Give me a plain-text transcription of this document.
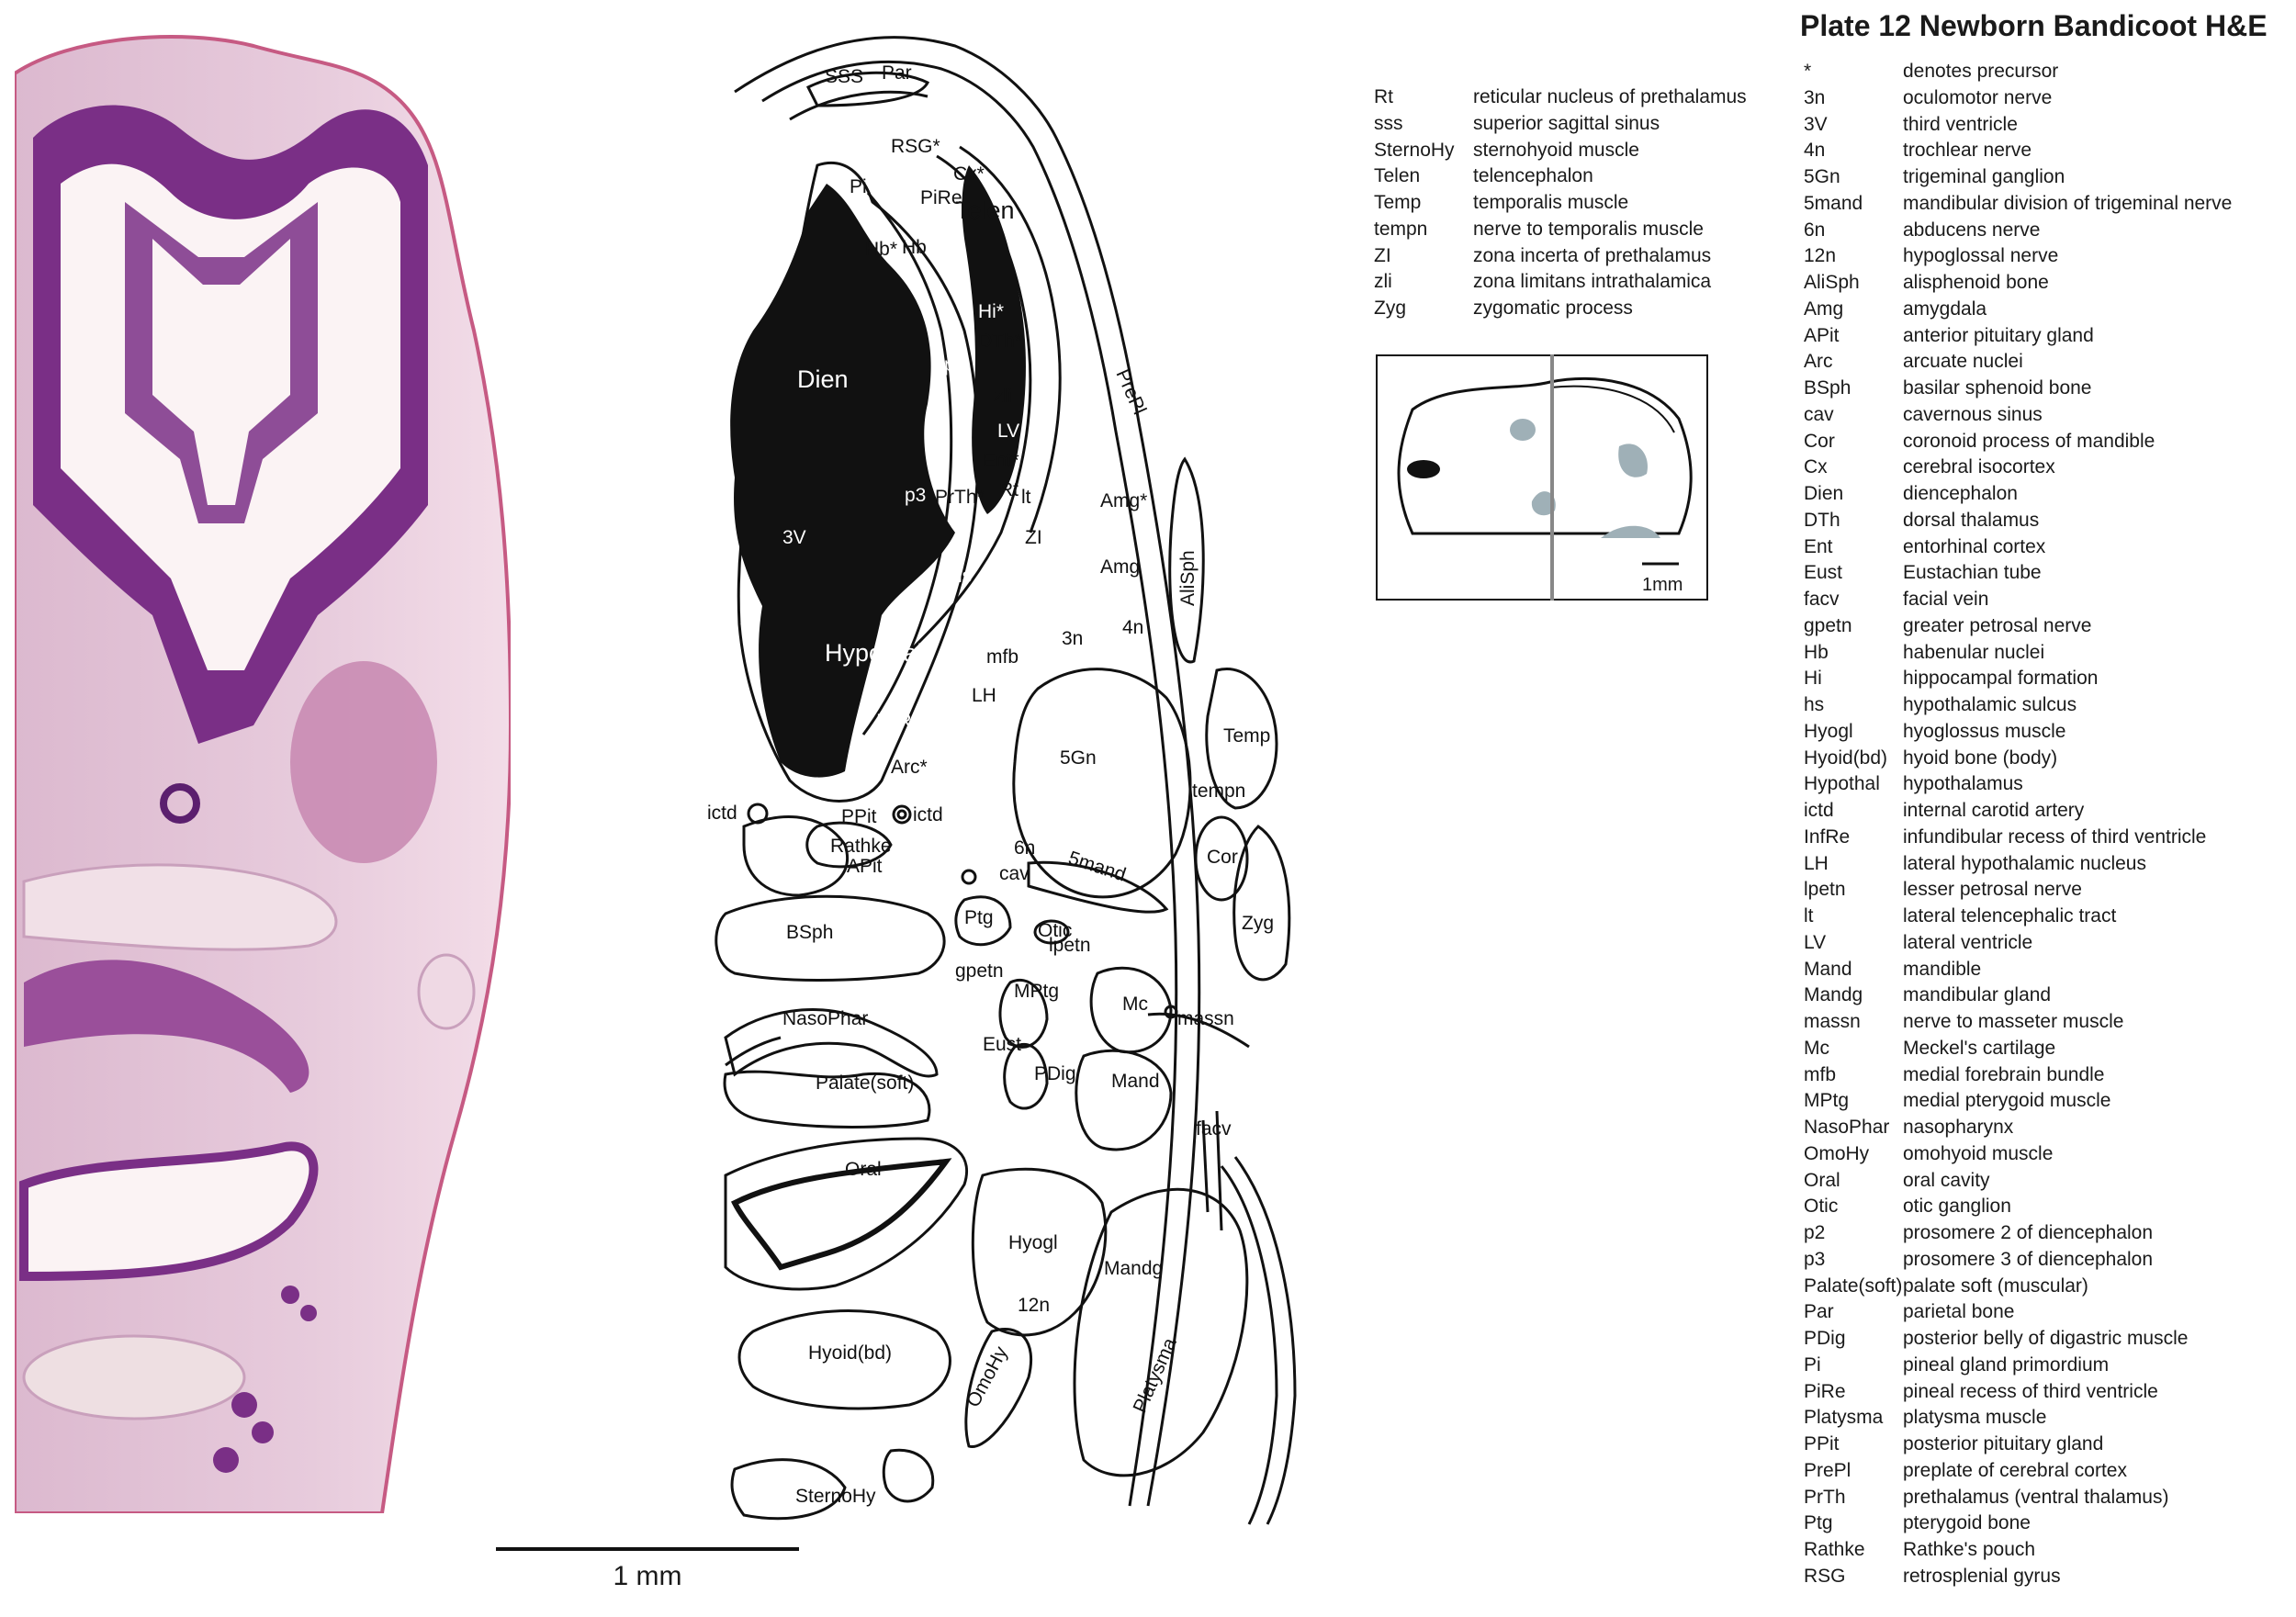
1 mm
SSS Par
RSG*
Cx*
Telen
Pi
PiRe
Hb* Hb
Dien
p2
DTh*
Hi*
PrePl
zli
Ent*
LV
p3 PrTh* Rt lt	Amg*
3V	ZI
Amg
hs	AliSph
Hypothal
3n
4n
mfb
LH
InfRe
5Gn
Temp
Arc*
ictd	ictd
PPit
Rathke
APit
tempn
6n
cav 5mand	Cor
BSph
Ptg
Otic
lpetn
Zyg
gpetn
NasoPhar
MPtg
Mc
massn
Eust
PDig Mand
Palate(soft)
facv
Oral
Hyogl
Mandg
12n
Hyoid(bd)	OmoHy	Platysma
SternoHy
Plate 12 Newborn Bandicoot H&E
Rt	reticular nucleus of prethalamus
sss	superior sagittal sinus
SternoHy sternohyoid muscle
Telen	telencephalon
Temp	temporalis muscle
tempn	nerve to temporalis muscle
ZI	zona incerta of prethalamus
zli	zona limitans intrathalamica
Zyg	zygomatic process
1mm
*	denotes precursor
3n	oculomotor nerve
3V	third ventricle
4n	trochlear nerve
5Gn	trigeminal ganglion
5mand	mandibular division of trigeminal nerve
6n	abducens nerve
12n	hypoglossal nerve
AliSph	alisphenoid bone
Amg	amygdala
APit	anterior pituitary gland
Arc	arcuate nuclei
BSph	basilar sphenoid bone
cav	cavernous sinus
Cor	coronoid process of mandible
Cx	cerebral isocortex
Dien	diencephalon
DTh	dorsal thalamus
Ent	entorhinal cortex
Eust	Eustachian tube
facv	facial vein
gpetn	greater petrosal nerve
Hb	habenular nuclei
Hi	hippocampal formation
hs	hypothalamic sulcus
Hyogl	hyoglossus muscle
Hyoid(bd) hyoid bone (body)
Hypothal	hypothalamus
ictd	internal carotid artery
InfRe	infundibular recess of third ventricle
LH	lateral hypothalamic nucleus
lpetn	lesser petrosal nerve
lt	lateral telencephalic tract
LV	lateral ventricle
Mand	mandible
Mandg	mandibular gland
massn	nerve to masseter muscle
Mc	Meckel's cartilage
mfb	medial forebrain bundle
MPtg	medial pterygoid muscle
NasoPhar nasopharynx
OmoHy	omohyoid muscle
Oral	oral cavity
Otic	otic ganglion
p2	prosomere 2 of diencephalon
p3	prosomere 3 of diencephalon
Palate(soft) palate soft (muscular)
Par	parietal bone
PDig	posterior belly of digastric muscle
Pi	pineal gland primordium
PiRe	pineal recess of third ventricle
Platysma	platysma muscle
PPit	posterior pituitary gland
PrePl	preplate of cerebral cortex
PrTh	prethalamus (ventral thalamus)
Ptg	pterygoid bone
Rathke	Rathke's pouch
RSG	retrosplenial gyrus
